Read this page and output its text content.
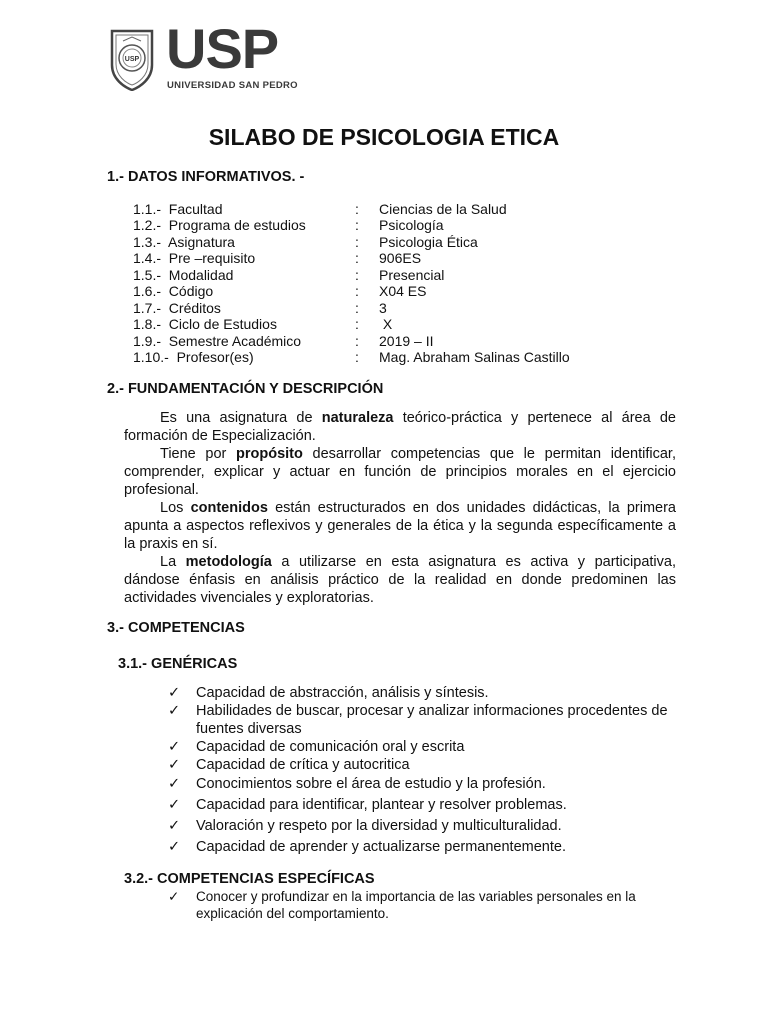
USP USP
UNIVERSIDAD SAN PEDRO
SILABO DE PSICOLOGIA ETICA
1.- DATOS INFORMATIVOS. -
1.1.-  Facultad	: Ciencias de la Salud
1.2.-  Programa de estudios	: Psicología
1.3.-  Asignatura	: Psicologia Ética
1.4.-  Pre –requisito	: 906ES
1.5.-  Modalidad	: Presencial
1.6.-  Código	: X04 ES
1.7.-  Créditos	: 3
1.8.-  Ciclo de Estudios	: X
1.9.-  Semestre Académico	: 2019 – II
1.10.-  Profesor(es)	: Mag. Abraham Salinas Castillo
2.- FUNDAMENTACIÓN Y DESCRIPCIÓN

Es una asignatura de naturaleza teórico-práctica y pertenece al área de formación de Especialización.

Tiene por propósito desarrollar competencias que le permitan identificar, comprender, explicar y actuar en función de principios morales en el ejercicio profesional.

Los contenidos están estructurados en dos unidades didácticas, la primera apunta a aspectos reflexivos y generales de la ética y la segunda específicamente a la praxis en sí.

La metodología a utilizarse en esta asignatura es activa y participativa, dándose énfasis en análisis práctico de la realidad en donde predominen las actividades vivenciales y exploratorias.

3.- COMPETENCIAS
3.1.- GENÉRICAS
✓ Capacidad de abstracción, análisis y síntesis.
✓ Habilidades de buscar, procesar y analizar informaciones procedentes de fuentes diversas
✓ Capacidad de comunicación oral y escrita
✓ Capacidad de crítica y autocritica
✓ Conocimientos sobre el área de estudio y la profesión.
✓ Capacidad para identificar, plantear y resolver problemas.
✓ Valoración y respeto por la diversidad y multiculturalidad.
✓ Capacidad de aprender y actualizarse permanentemente.
3.2.- COMPETENCIAS ESPECÍFICAS
✓ Conocer y profundizar en la importancia de las variables personales en la explicación del comportamiento.
